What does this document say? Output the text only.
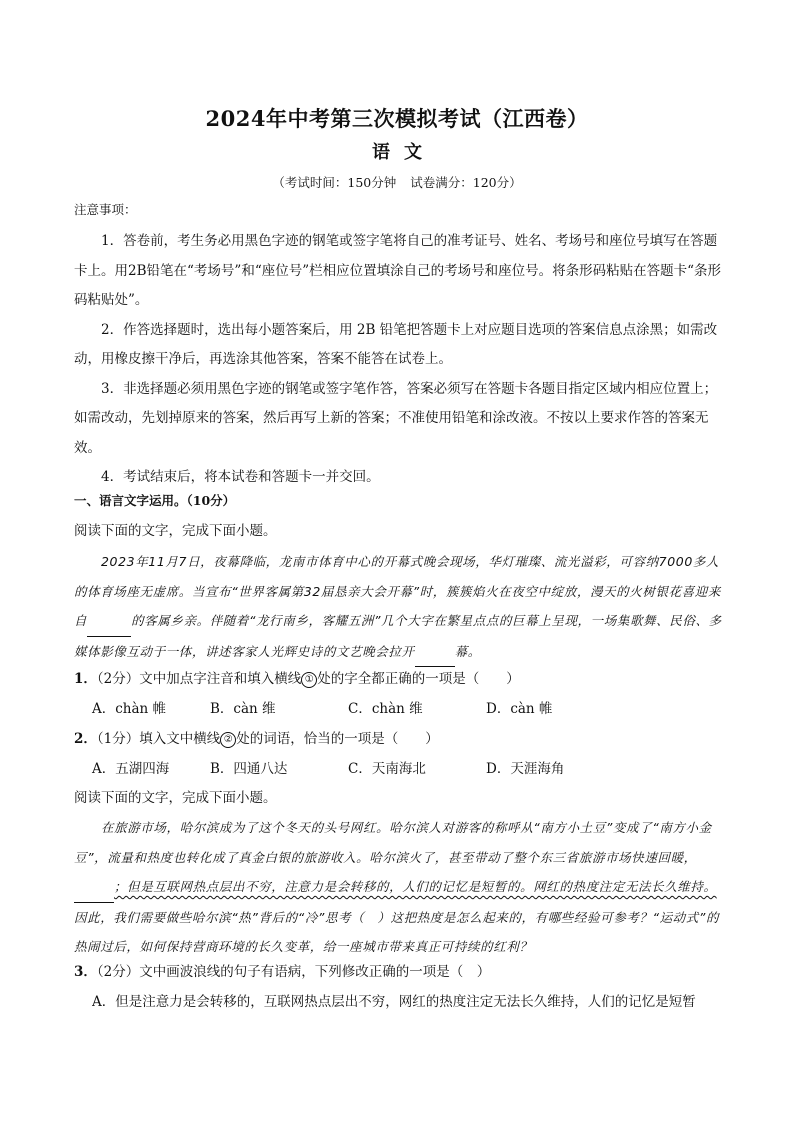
2024年中考第三次模拟考试（江西卷）
语文
（考试时间：150分钟 试卷满分：120分）
注意事项：

1．答卷前，考生务必用黑色字迹的钢笔或签字笔将自己的准考证号、姓名、考场号和座位号填写在答题卡上。用2B铅笔在“考场号”和“座位号”栏相应位置填涂自己的考场号和座位号。将条形码粘贴在答题卡“条形码粘贴处”。

2．作答选择题时，选出每小题答案后，用 2B 铅笔把答题卡上对应题目选项的答案信息点涂黑；如需改动，用橡皮擦干净后，再选涂其他答案，答案不能答在试卷上。

3．非选择题必须用黑色字迹的钢笔或签字笔作答，答案必须写在答题卡各题目指定区域内相应位置上；如需改动，先划掉原来的答案，然后再写上新的答案；不准使用铅笔和涂改液。不按以上要求作答的答案无效。

4．考试结束后，将本试卷和答题卡一并交回。

一、语言文字运用。（10分）
阅读下面的文字，完成下面小题。
2023年11月7日，夜幕降临，龙南市体育中心的开幕式晚会现场，华灯璀璨、流光溢彩，可容纳7000多人的体育场座无虚席。当宣布“世界客属第32届恳亲大会开幕”时，簇簇焰火在夜空中绽放，漫天的火树银花喜迎来自	的客属乡亲。伴随着“龙行南乡，客耀五洲”几个大字在繁星点点的巨幕上呈现，一场集歌舞、民俗、多媒体影像互动于一体，讲述客家人光辉史诗的文艺晚会拉开	幕。
1．（2分）文中加点字注音和填入横线 ① 处的字全都正确的一项是（　　）
A．chàn 帷	B．càn 维	C．chàn 维	D．càn 帷
2．（1分）填入文中横线 ② 处的词语，恰当的一项是（　　）
A．五湖四海	B．四通八达	C．天南海北	D．天涯海角
阅读下面的文字，完成下面小题。
在旅游市场，哈尔滨成为了这个冬天的头号网红。哈尔滨人对游客的称呼从“南方小土豆”变成了“南方小金豆”，流量和热度也转化成了真金白银的旅游收入。哈尔滨火了，甚至带动了整个东三省旅游市场快速回暖， ；但是互联网热点层出不穷，注意力是会转移的，人们的记忆是短暂的。网红的热度注定无法长久维持。因此，我们需要做些哈尔滨“热”背后的“冷”思考（　）这把热度是怎么起来的，有哪些经验可参考？“运动式”的热闹过后，如何保持营商环境的长久变革，给一座城市带来真正可持续的红利？
3．（2分）文中画波浪线的句子有语病，下列修改正确的一项是（　）
A．但是注意力是会转移的，互联网热点层出不穷，网红的热度注定无法长久维持，人们的记忆是短暂
